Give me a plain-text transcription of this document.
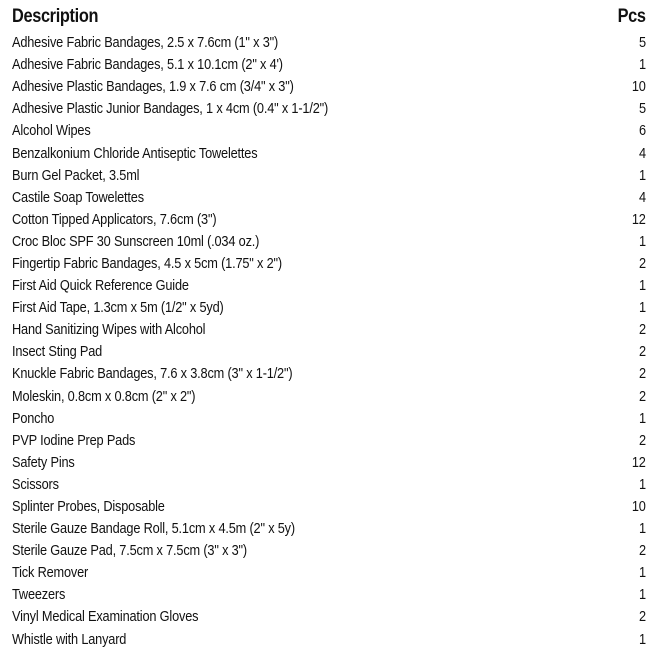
Description	Pcs
Adhesive Fabric Bandages, 2.5 x 7.6cm (1" x 3")	5
Adhesive Fabric Bandages, 5.1 x 10.1cm (2" x 4')	1
Adhesive Plastic Bandages, 1.9 x 7.6 cm (3/4" x 3")	10
Adhesive Plastic Junior Bandages, 1 x 4cm (0.4" x 1-1/2")	5
Alcohol Wipes	6
Benzalkonium Chloride Antiseptic Towelettes	4
Burn Gel Packet, 3.5ml	1
Castile Soap Towelettes	4
Cotton Tipped Applicators, 7.6cm (3")	12
Croc Bloc SPF 30 Sunscreen 10ml (.034 oz.)	1
Fingertip Fabric Bandages, 4.5 x 5cm (1.75" x 2")	2
First Aid Quick Reference Guide	1
First Aid Tape, 1.3cm x 5m (1/2" x 5yd)	1
Hand Sanitizing Wipes with Alcohol	2
Insect Sting Pad	2
Knuckle Fabric Bandages, 7.6 x 3.8cm (3" x 1-1/2")	2
Moleskin, 0.8cm x 0.8cm (2" x 2")	2
Poncho	1
PVP Iodine Prep Pads	2
Safety Pins	12
Scissors	1
Splinter Probes, Disposable	10
Sterile Gauze Bandage Roll, 5.1cm x 4.5m (2" x 5y)	1
Sterile Gauze Pad, 7.5cm x 7.5cm (3" x 3")	2
Tick Remover	1
Tweezers	1
Vinyl Medical Examination Gloves	2
Whistle with Lanyard	1
